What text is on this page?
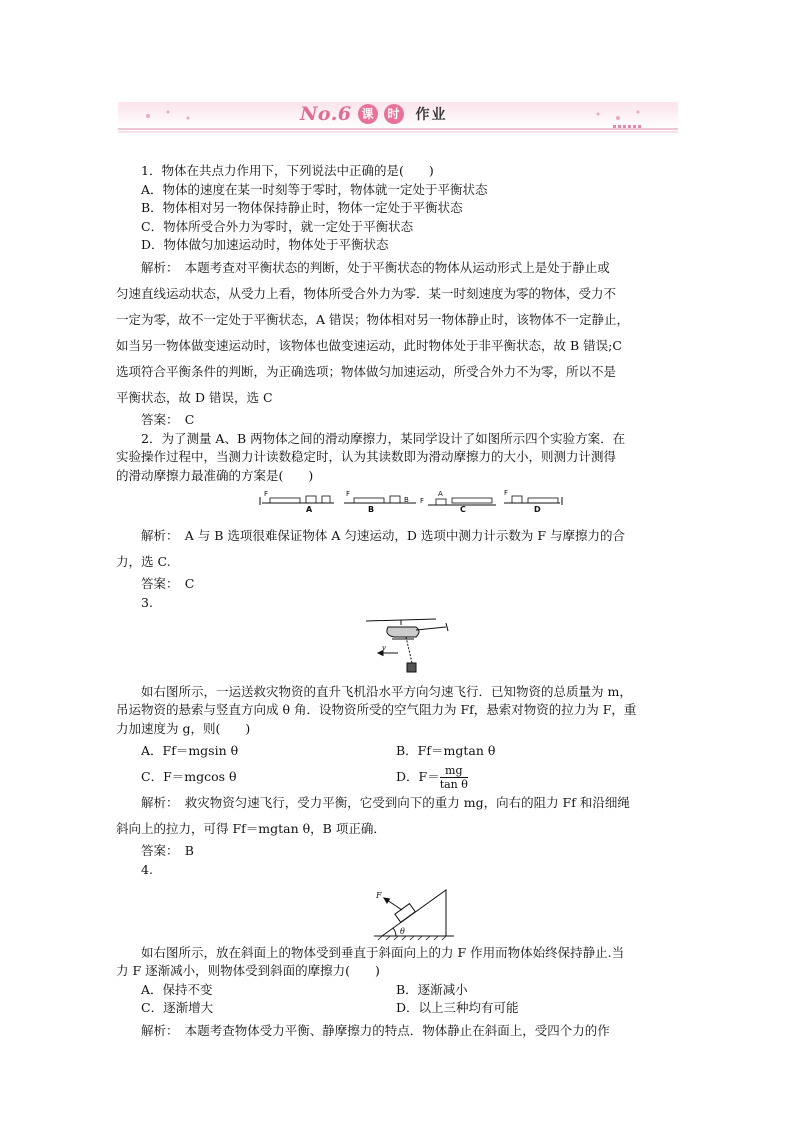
No.6 课	时 作业
1．物体在共点力作用下，下列说法中正确的是(　　)
A．物体的速度在某一时刻等于零时，物体就一定处于平衡状态
B．物体相对另一物体保持静止时，物体一定处于平衡状态
C．物体所受合外力为零时，就一定处于平衡状态
D．物体做匀加速运动时，物体处于平衡状态
解析：　本题考查对平衡状态的判断，处于平衡状态的物体从运动形式上是处于静止或
匀速直线运动状态，从受力上看，物体所受合外力为零．某一时刻速度为零的物体，受力不
一定为零，故不一定处于平衡状态，A 错误；物体相对另一物体静止时，该物体不一定静止，
如当另一物体做变速运动时，该物体也做变速运动，此时物体处于非平衡状态，故 B 错误;C
选项符合平衡条件的判断，为正确选项；物体做匀加速运动，所受合外力不为零，所以不是
平衡状态，故 D 错误，选 C
答案：　C
2．为了测量 A、B 两物体之间的滑动摩擦力，某同学设计了如图所示四个实验方案．在
实验操作过程中，当测力计读数稳定时，认为其读数即为滑动摩擦力的大小，则测力计测得
的滑动摩擦力最准确的方案是(　　)
F
A
F
B
B
F
A
C
F
D
解析：　A 与 B 选项很难保证物体 A 匀速运动，D 选项中测力计示数为 F 与摩擦力的合
力，选 C.
答案：　C
3.
v
如右图所示，一运送救灾物资的直升飞机沿水平方向匀速飞行．已知物资的总质量为 m，
吊运物资的悬索与竖直方向成 θ 角．设物资所受的空气阻力为 Ff，悬索对物资的拉力为 F，重
力加速度为 g，则(　　)
A．Ff＝mgsin θ	B．Ff＝mgtan θ
C．F＝mgcos θ	D．$F= \frac{mg}{\text{tan θ}}$
解析：　救灾物资匀速飞行，受力平衡，它受到向下的重力 mg，向右的阻力 Ff 和沿细绳
斜向上的拉力，可得 Ff＝mgtan θ，B 项正确．
答案：　B
4.
F
θ
如右图所示，放在斜面上的物体受到垂直于斜面向上的力 F 作用而物体始终保持静止.当
力 F 逐渐减小，则物体受到斜面的摩擦力(　　)
A．保持不变	B．逐渐减小
C．逐渐增大	D．以上三种均有可能
解析：　本题考查物体受力平衡、静摩擦力的特点．物体静止在斜面上，受四个力的作
